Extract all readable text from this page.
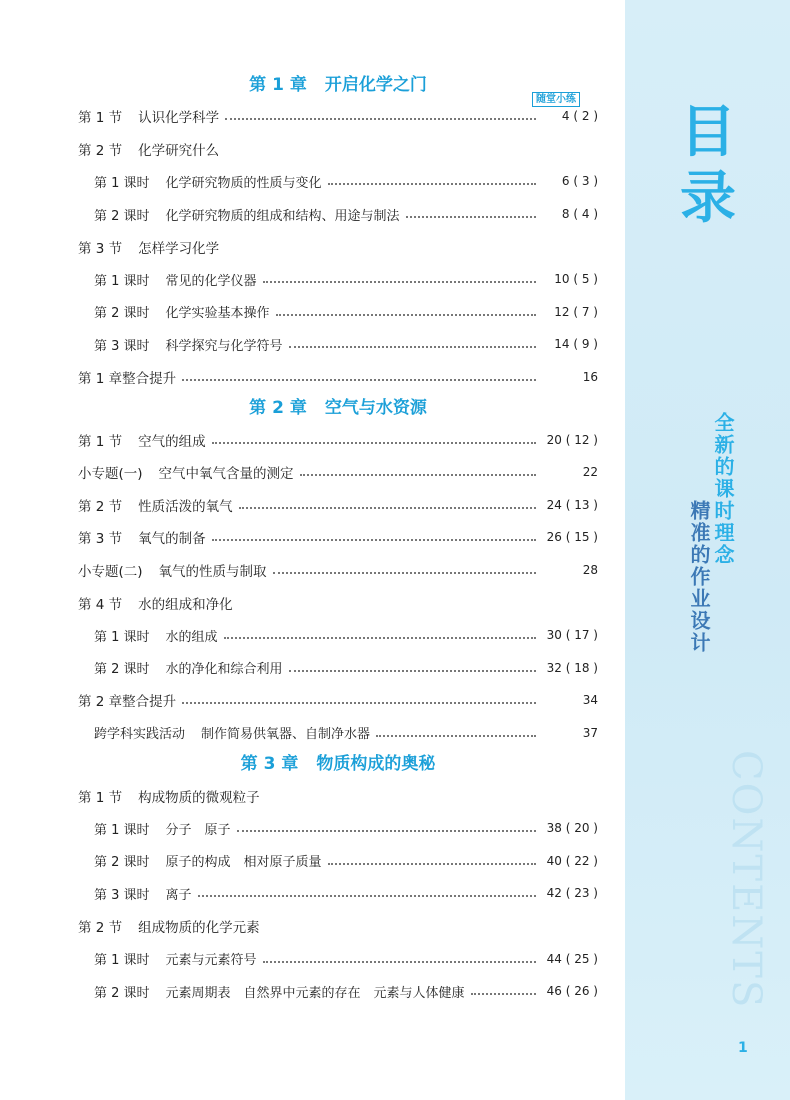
第 1 章 开启化学之门
随堂小练
第 1 节 认识化学科学	4 ( 2 )
第 2 节 化学研究什么
第 1 课时 化学研究物质的性质与变化	6 ( 3 )
第 2 课时 化学研究物质的组成和结构、用途与制法	8 ( 4 )
第 3 节 怎样学习化学
第 1 课时 常见的化学仪器	10 ( 5 )
第 2 课时 化学实验基本操作	12 ( 7 )
第 3 课时 科学探究与化学符号	14 ( 9 )
第 1 章整合提升	16
第 2 章 空气与水资源
第 1 节 空气的组成	20 ( 12 )
小专题(一) 空气中氧气含量的测定	22
第 2 节 性质活泼的氧气	24 ( 13 )
第 3 节 氧气的制备	26 ( 15 )
小专题(二) 氧气的性质与制取	28
第 4 节 水的组成和净化
第 1 课时 水的组成	30 ( 17 )
第 2 课时 水的净化和综合利用	32 ( 18 )
第 2 章整合提升	34
跨学科实践活动 制作简易供氧器、自制净水器	37
第 3 章 物质构成的奥秘
第 1 节 构成物质的微观粒子
第 1 课时 分子　原子	38 ( 20 )
第 2 课时 原子的构成　相对原子质量	40 ( 22 )
第 3 课时 离子	42 ( 23 )
第 2 节 组成物质的化学元素
第 1 课时 元素与元素符号	44 ( 25 )
第 2 课时 元素周期表　自然界中元素的存在　元素与人体健康	46 ( 26 )
目录
全新的课时理念
精准的作业设计
CONTENTS
1
